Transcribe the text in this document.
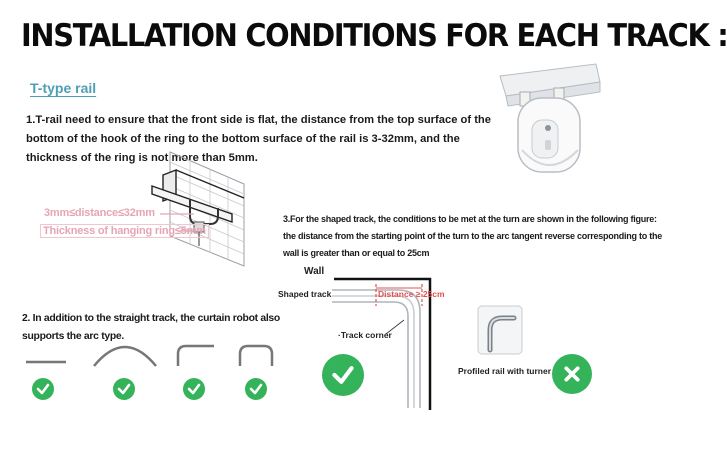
INSTALLATION CONDITIONS FOR EACH TRACK :
T-type rail
1.T-rail need to ensure that the front side is flat, the distance from the top surface of the bottom of the hook of the ring to the bottom surface of the rail is 3-32mm, and the thickness of the ring is not more than 5mm.
3mm≤distance≤32mm
Thickness of hanging ring≤5mm
3.For the shaped track, the conditions to be met at the turn are shown in the following figure:
the distance from the starting point of the turn to the arc tangent reverse corresponding to the
wall is greater than or equal to 25cm
2. In addition to the straight track, the curtain robot also supports the arc type.
Wall
Shaped track	Distance ≥ 25cm
·Track corner
Profiled rail with turner
